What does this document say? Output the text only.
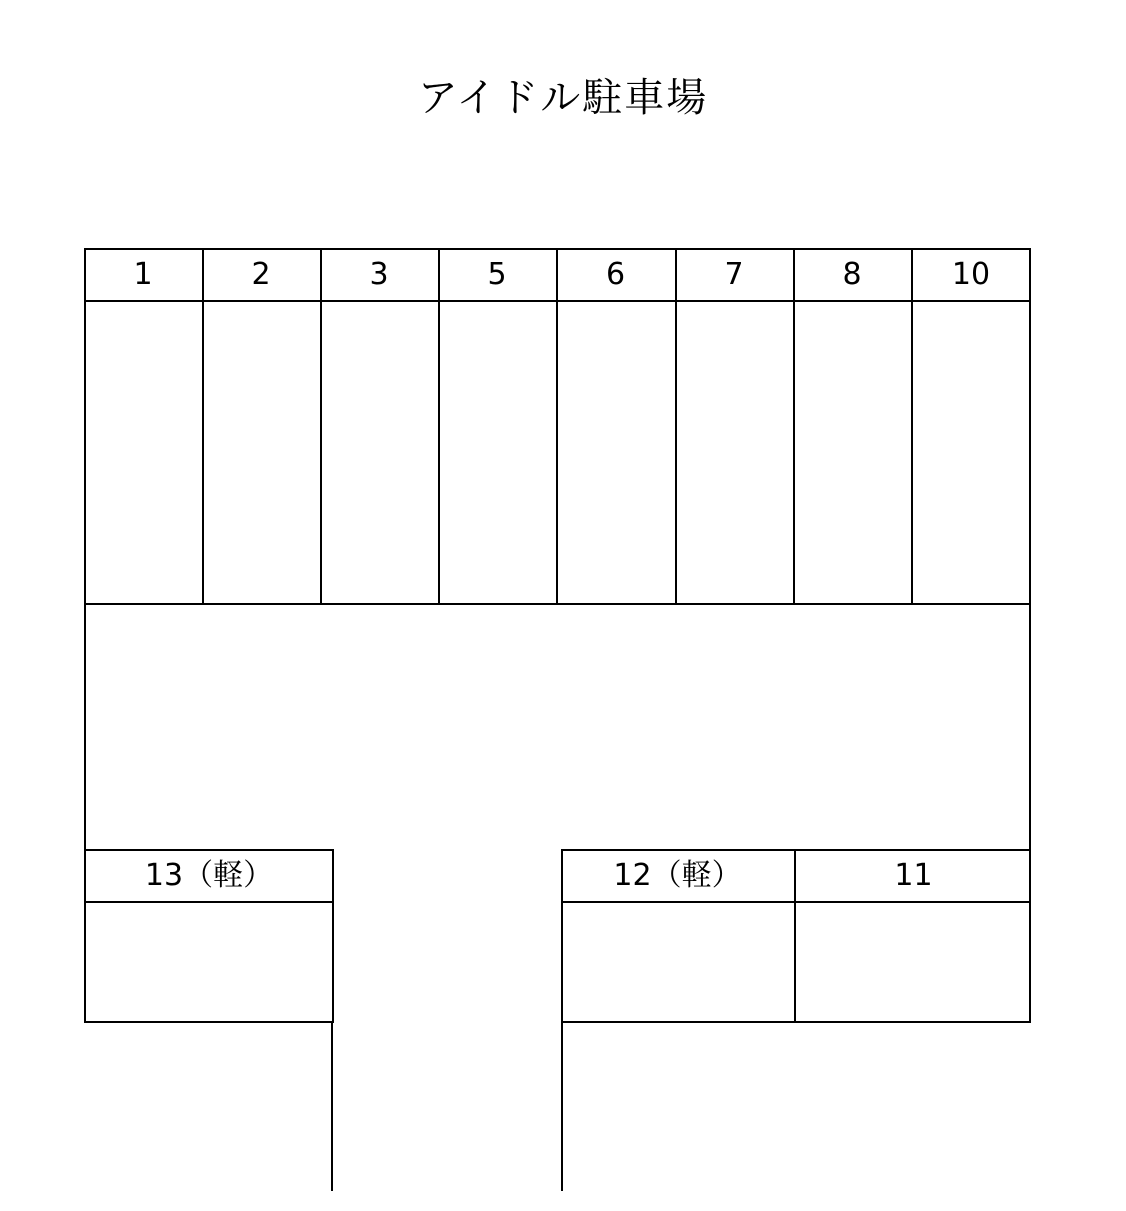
アイドル駐車場
1	2	3	5	6	7	8	10
13（軽）	12（軽）	11
